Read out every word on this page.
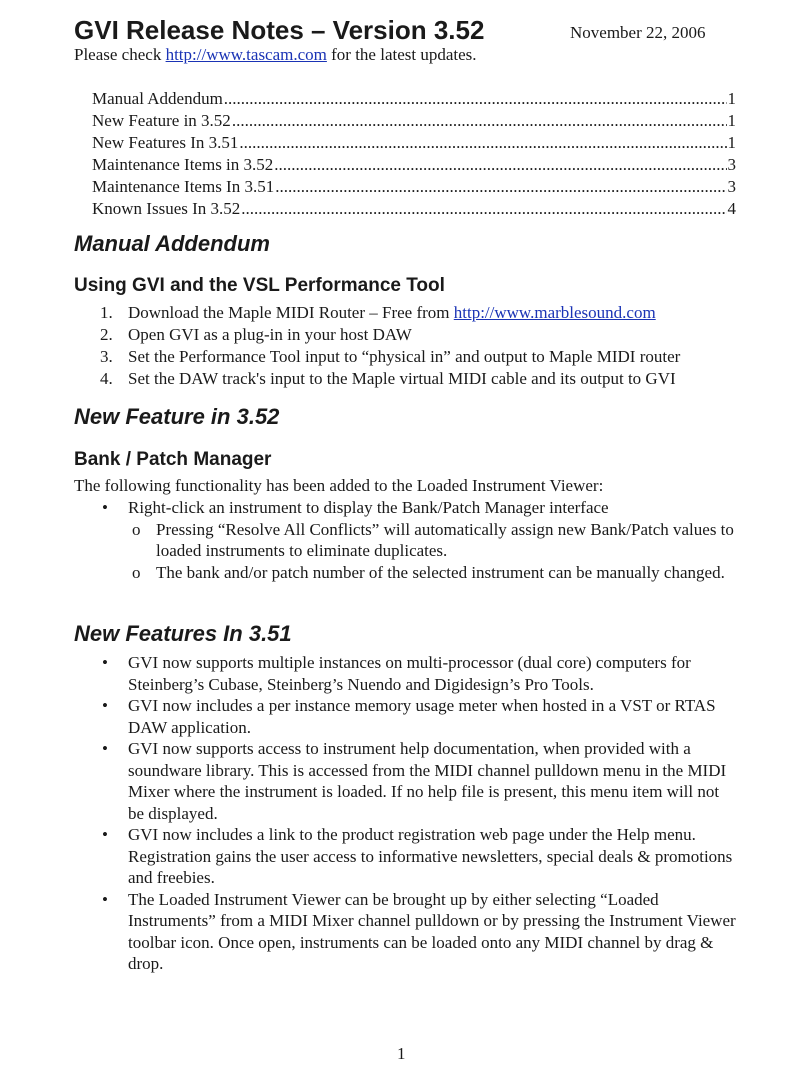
GVI Release Notes – Version 3.52	November 22, 2006
Please check http://www.tascam.com for the latest updates.
Manual Addendum .....	1
New Feature in 3.52 .....	1
New Features In 3.51 .....	1
Maintenance Items in 3.52 .....	3
Maintenance Items In 3.51 .....	3
Known Issues In 3.52 .....	4
Manual Addendum
Using GVI and the VSL Performance Tool
1. Download the Maple MIDI Router – Free from http://www.marblesound.com
2. Open GVI as a plug-in in your host DAW
3. Set the Performance Tool input to “physical in” and output to Maple MIDI router
4. Set the DAW track's input to the Maple virtual MIDI cable and its output to GVI
New Feature in 3.52
Bank / Patch Manager
The following functionality has been added to the Loaded Instrument Viewer:
• Right-click an instrument to display the Bank/Patch Manager interface
o Pressing “Resolve All Conflicts” will automatically assign new Bank/Patch values to loaded instruments to eliminate duplicates.
o The bank and/or patch number of the selected instrument can be manually changed.
New Features In 3.51
• GVI now supports multiple instances on multi-processor (dual core) computers for Steinberg’s Cubase, Steinberg’s Nuendo and Digidesign’s Pro Tools.
• GVI now includes a per instance memory usage meter when hosted in a VST or RTAS DAW application.
• GVI now supports access to instrument help documentation, when provided with a soundware library. This is accessed from the MIDI channel pulldown menu in the MIDI Mixer where the instrument is loaded. If no help file is present, this menu item will not be displayed.
• GVI now includes a link to the product registration web page under the Help menu. Registration gains the user access to informative newsletters, special deals & promotions and freebies.
• The Loaded Instrument Viewer can be brought up by either selecting “Loaded Instruments” from a MIDI Mixer channel pulldown or by pressing the Instrument Viewer toolbar icon. Once open, instruments can be loaded onto any MIDI channel by drag & drop.
1
